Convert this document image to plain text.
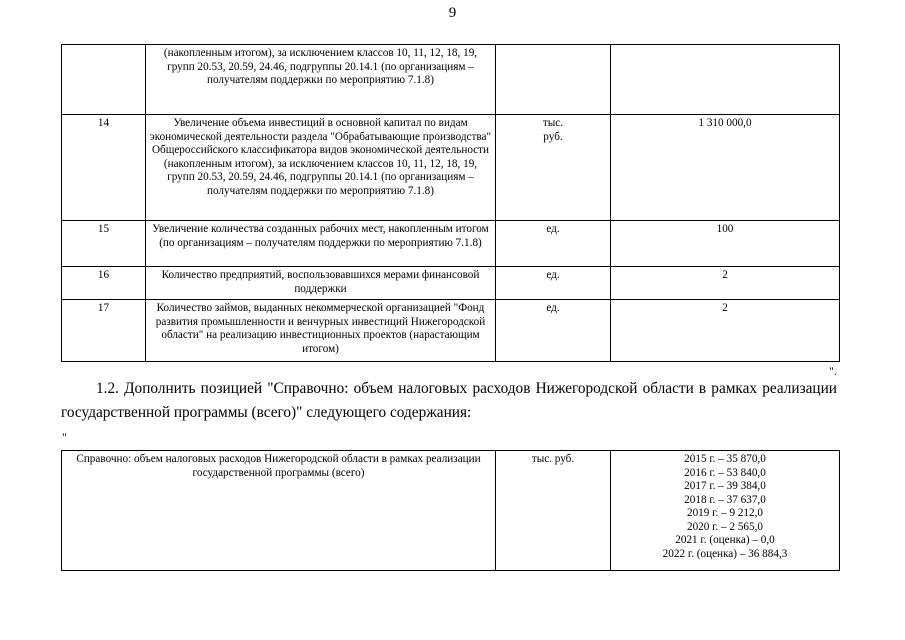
9
	(накопленным итогом), за исключением классов 10, 11, 12, 18, 19, групп 20.53, 20.59, 24.46, подгруппы 20.14.1 (по организациям – получателям поддержки по мероприятию 7.1.8)		
14	Увеличение объема инвестиций в основной капитал по видам экономической деятельности раздела "Обрабатывающие производства" Общероссийского классификатора видов экономической деятельности (накопленным итогом), за исключением классов 10, 11, 12, 18, 19, групп 20.53, 20.59, 24.46, подгруппы 20.14.1 (по организациям – получателям поддержки по мероприятию 7.1.8)	тыс. руб.	1 310 000,0
15	Увеличение количества созданных рабочих мест, накопленным итогом (по организациям – получателям поддержки по мероприятию 7.1.8)	ед.	100
16	Количество предприятий, воспользовавшихся мерами финансовой поддержки	ед.	2
17	Количество займов, выданных некоммерческой организацией "Фонд развития промышленности и венчурных инвестиций Нижегородской области" на реализацию инвестиционных проектов (нарастающим итогом)	ед.	2
".
1.2. Дополнить позицией "Справочно: объем налоговых расходов Нижегородской области в рамках реализации
государственной программы (всего)" следующего содержания:
"
Справочно: объем налоговых расходов Нижегородской области в рамках реализации государственной программы (всего)	тыс. руб.	2015 г. – 35 870,0
2016 г. – 53 840,0
2017 г. – 39 384,0
2018 г. – 37 637,0
2019 г. – 9 212,0
2020 г. – 2 565,0
2021 г. (оценка) – 0,0
2022 г. (оценка) – 36 884,3
